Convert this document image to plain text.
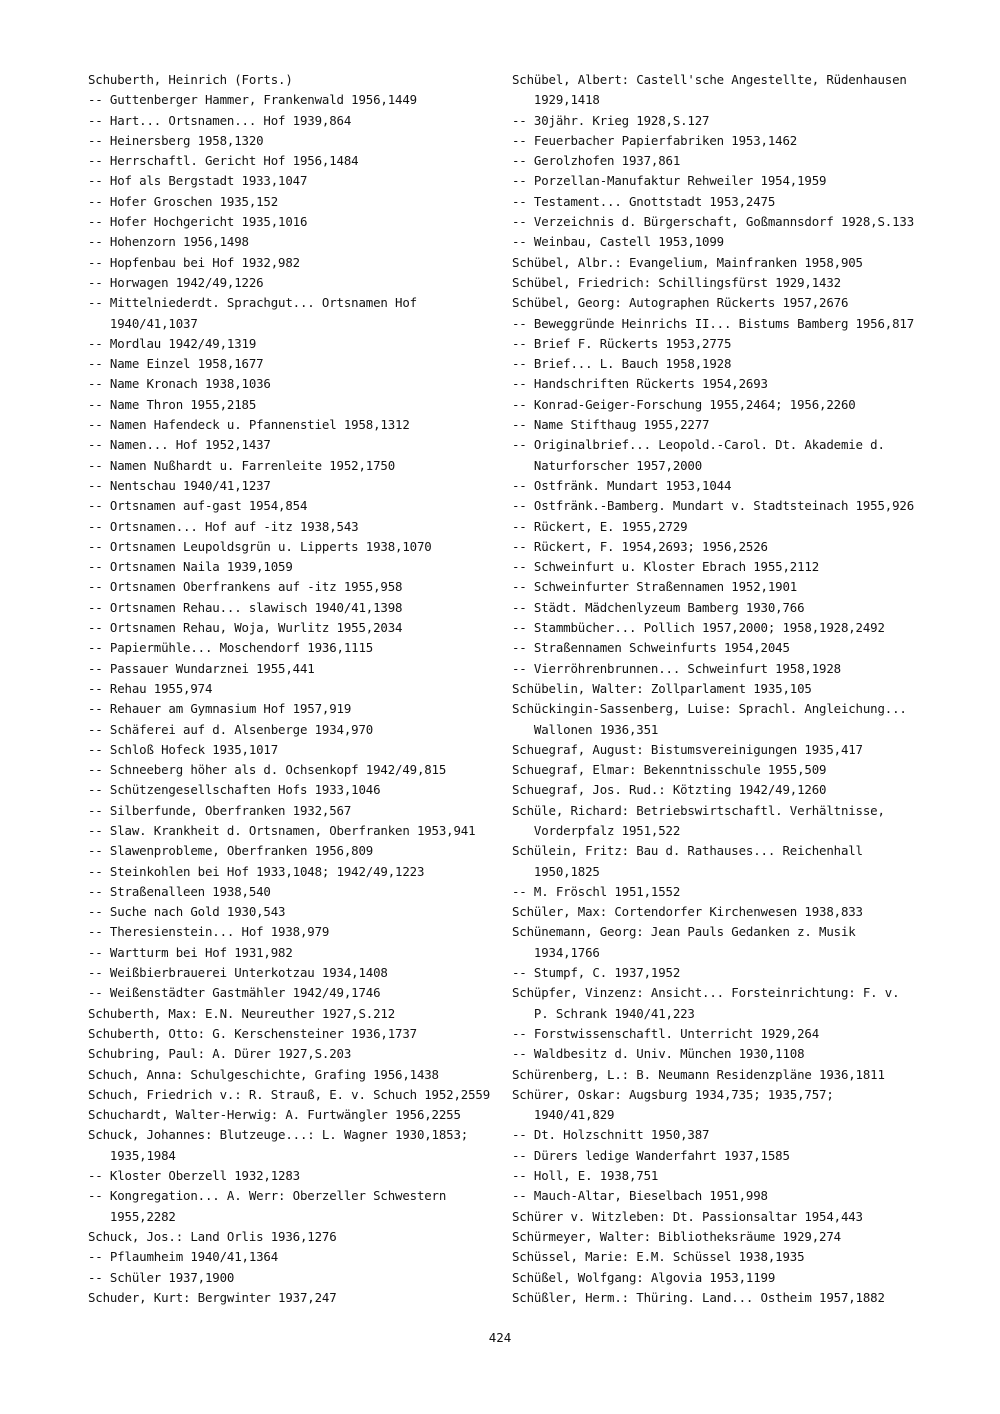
Schuberth, Heinrich (Forts.)
-- Guttenberger Hammer, Frankenwald 1956,1449
-- Hart... Ortsnamen... Hof 1939,864
-- Heinersberg 1958,1320
-- Herrschaftl. Gericht Hof 1956,1484
-- Hof als Bergstadt 1933,1047
-- Hofer Groschen 1935,152
-- Hofer Hochgericht 1935,1016
-- Hohenzorn 1956,1498
-- Hopfenbau bei Hof 1932,982
-- Horwagen 1942/49,1226
-- Mittelniederdt. Sprachgut... Ortsnamen Hof
1940/41,1037
-- Mordlau 1942/49,1319
-- Name Einzel 1958,1677
-- Name Kronach 1938,1036
-- Name Thron 1955,2185
-- Namen Hafendeck u. Pfannenstiel 1958,1312
-- Namen... Hof 1952,1437
-- Namen Nußhardt u. Farrenleite 1952,1750
-- Nentschau 1940/41,1237
-- Ortsnamen auf-gast 1954,854
-- Ortsnamen... Hof auf -itz 1938,543
-- Ortsnamen Leupoldsgrün u. Lipperts 1938,1070
-- Ortsnamen Naila 1939,1059
-- Ortsnamen Oberfrankens auf -itz 1955,958
-- Ortsnamen Rehau... slawisch 1940/41,1398
-- Ortsnamen Rehau, Woja, Wurlitz 1955,2034
-- Papiermühle... Moschendorf 1936,1115
-- Passauer Wundarznei 1955,441
-- Rehau 1955,974
-- Rehauer am Gymnasium Hof 1957,919
-- Schäferei auf d. Alsenberge 1934,970
-- Schloß Hofeck 1935,1017
-- Schneeberg höher als d. Ochsenkopf 1942/49,815
-- Schützengesellschaften Hofs 1933,1046
-- Silberfunde, Oberfranken 1932,567
-- Slaw. Krankheit d. Ortsnamen, Oberfranken 1953,941
-- Slawenprobleme, Oberfranken 1956,809
-- Steinkohlen bei Hof 1933,1048; 1942/49,1223
-- Straßenalleen 1938,540
-- Suche nach Gold 1930,543
-- Theresienstein... Hof 1938,979
-- Wartturm bei Hof 1931,982
-- Weißbierbrauerei Unterkotzau 1934,1408
-- Weißenstädter Gastmähler 1942/49,1746
Schuberth, Max: E.N. Neureuther 1927,S.212
Schuberth, Otto: G. Kerschensteiner 1936,1737
Schubring, Paul: A. Dürer 1927,S.203
Schuch, Anna: Schulgeschichte, Grafing 1956,1438
Schuch, Friedrich v.: R. Strauß, E. v. Schuch 1952,2559
Schuchardt, Walter-Herwig: A. Furtwängler 1956,2255
Schuck, Johannes: Blutzeuge...: L. Wagner 1930,1853;
1935,1984
-- Kloster Oberzell 1932,1283
-- Kongregation... A. Werr: Oberzeller Schwestern
1955,2282
Schuck, Jos.: Land Orlis 1936,1276
-- Pflaumheim 1940/41,1364
-- Schüler 1937,1900
Schuder, Kurt: Bergwinter 1937,247
Schübel, Albert: Castell'sche Angestellte, Rüdenhausen
1929,1418
-- 30jähr. Krieg 1928,S.127
-- Feuerbacher Papierfabriken 1953,1462
-- Gerolzhofen 1937,861
-- Porzellan-Manufaktur Rehweiler 1954,1959
-- Testament... Gnottstadt 1953,2475
-- Verzeichnis d. Bürgerschaft, Goßmannsdorf 1928,S.133
-- Weinbau, Castell 1953,1099
Schübel, Albr.: Evangelium, Mainfranken 1958,905
Schübel, Friedrich: Schillingsfürst 1929,1432
Schübel, Georg: Autographen Rückerts 1957,2676
-- Beweggründe Heinrichs II... Bistums Bamberg 1956,817
-- Brief F. Rückerts 1953,2775
-- Brief... L. Bauch 1958,1928
-- Handschriften Rückerts 1954,2693
-- Konrad-Geiger-Forschung 1955,2464; 1956,2260
-- Name Stifthaug 1955,2277
-- Originalbrief... Leopold.-Carol. Dt. Akademie d.
Naturforscher 1957,2000
-- Ostfränk. Mundart 1953,1044
-- Ostfränk.-Bamberg. Mundart v. Stadtsteinach 1955,926
-- Rückert, E. 1955,2729
-- Rückert, F. 1954,2693; 1956,2526
-- Schweinfurt u. Kloster Ebrach 1955,2112
-- Schweinfurter Straßennamen 1952,1901
-- Städt. Mädchenlyzeum Bamberg 1930,766
-- Stammbücher... Pollich 1957,2000; 1958,1928,2492
-- Straßennamen Schweinfurts 1954,2045
-- Vierröhrenbrunnen... Schweinfurt 1958,1928
Schübelin, Walter: Zollparlament 1935,105
Schückingin-Sassenberg, Luise: Sprachl. Angleichung...
Wallonen 1936,351
Schuegraf, August: Bistumsvereinigungen 1935,417
Schuegraf, Elmar: Bekenntnisschule 1955,509
Schuegraf, Jos. Rud.: Kötzting 1942/49,1260
Schüle, Richard: Betriebswirtschaftl. Verhältnisse,
Vorderpfalz 1951,522
Schülein, Fritz: Bau d. Rathauses... Reichenhall
1950,1825
-- M. Fröschl 1951,1552
Schüler, Max: Cortendorfer Kirchenwesen 1938,833
Schünemann, Georg: Jean Pauls Gedanken z. Musik
1934,1766
-- Stumpf, C. 1937,1952
Schüpfer, Vinzenz: Ansicht... Forsteinrichtung: F. v.
P. Schrank 1940/41,223
-- Forstwissenschaftl. Unterricht 1929,264
-- Waldbesitz d. Univ. München 1930,1108
Schürenberg, L.: B. Neumann Residenzpläne 1936,1811
Schürer, Oskar: Augsburg 1934,735; 1935,757;
1940/41,829
-- Dt. Holzschnitt 1950,387
-- Dürers ledige Wanderfahrt 1937,1585
-- Holl, E. 1938,751
-- Mauch-Altar, Bieselbach 1951,998
Schürer v. Witzleben: Dt. Passionsaltar 1954,443
Schürmeyer, Walter: Bibliotheksräume 1929,274
Schüssel, Marie: E.M. Schüssel 1938,1935
Schüßel, Wolfgang: Algovia 1953,1199
Schüßler, Herm.: Thüring. Land... Ostheim 1957,1882
424
